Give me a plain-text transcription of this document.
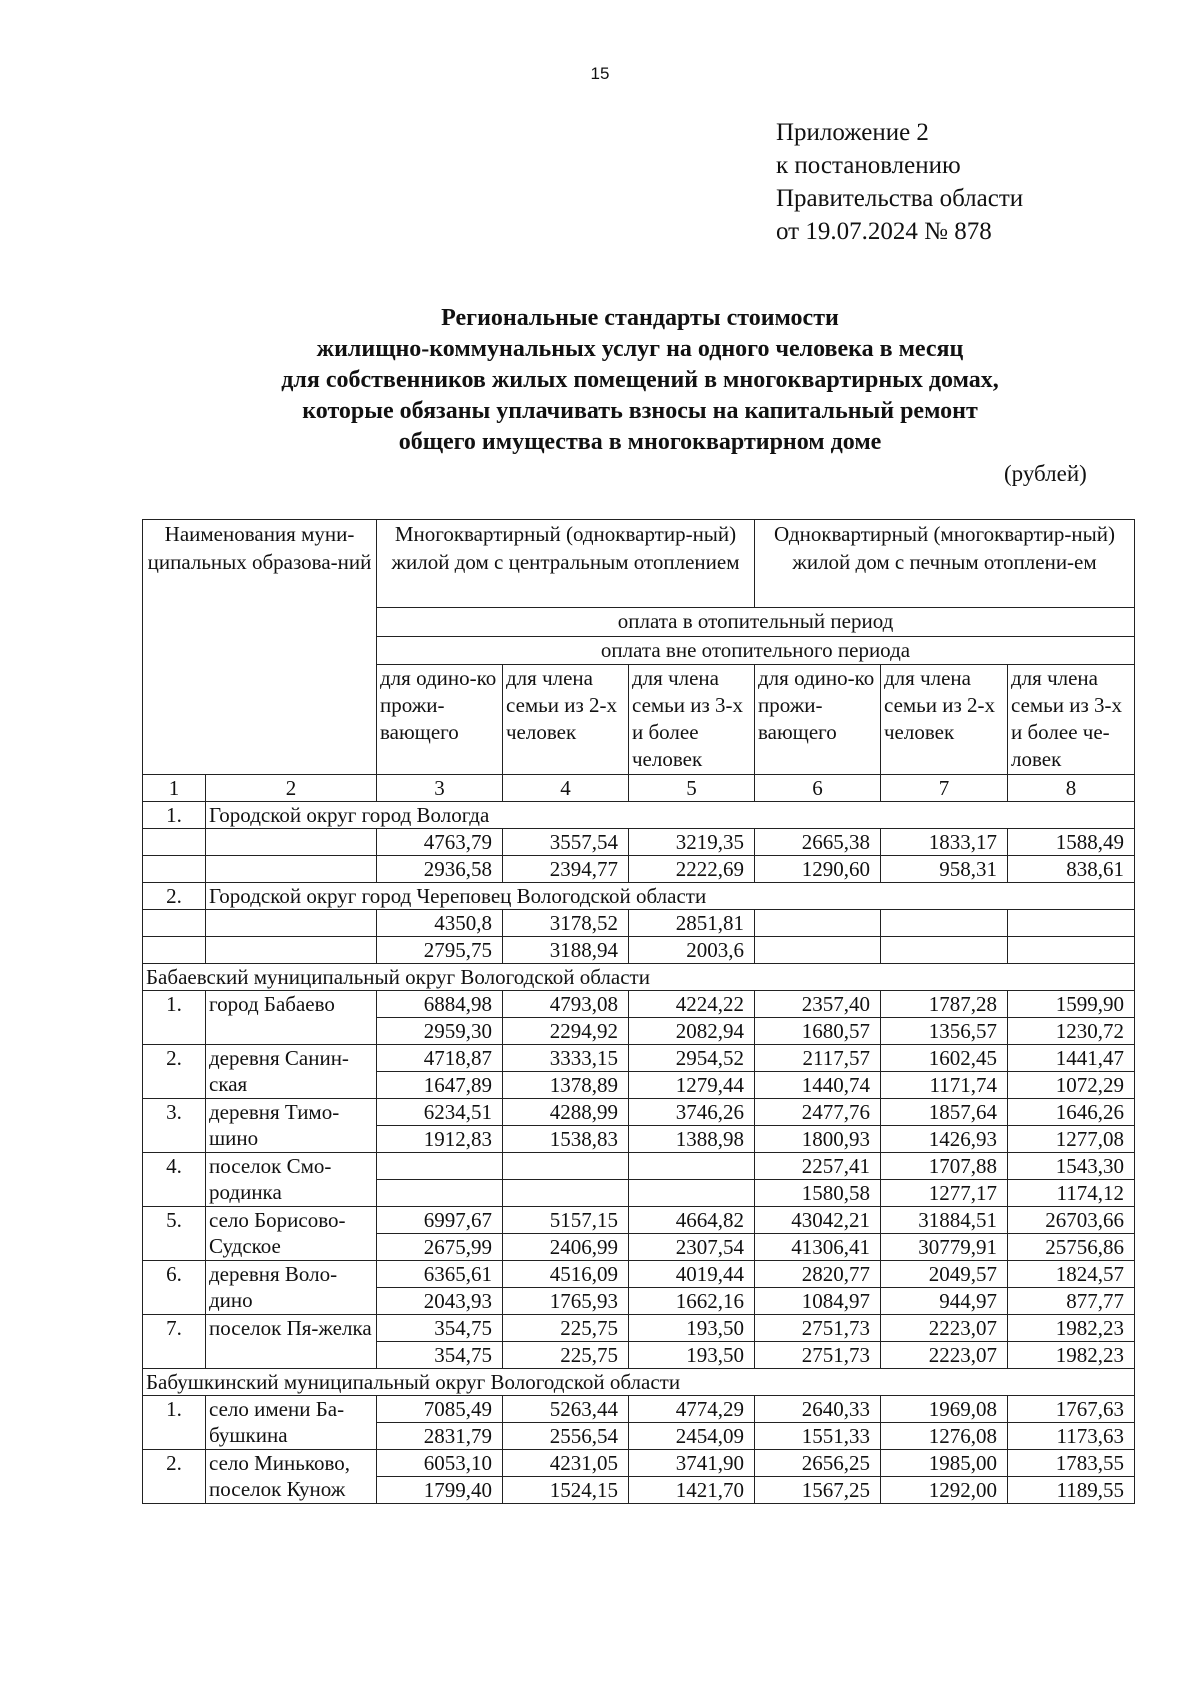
15
Приложение 2
к постановлению
Правительства области
от 19.07.2024 № 878
Региональные стандарты стоимости
жилищно-коммунальных услуг на одного человека в месяц
для собственников жилых помещений в многоквартирных домах,
которые обязаны уплачивать взносы на капитальный ремонт
общего имущества в многоквартирном доме
(рублей)
Наименования муни-ципальных образова-ний		Многоквартирный (одноквартир-ный) жилой дом с центральным отоплением			Одноквартирный (многоквартир-ный) жилой дом с печным отоплени-ем		
		оплата в отопительный период					
		оплата вне отопительного периода					
		для одино-ко прожи-вающего	для члена семьи из 2-х человек	для члена семьи из 3-х и более человек	для одино-ко прожи-вающего	для члена семьи из 2-х человек	для члена семьи из 3-х и более че-ловек
1	2	3	4	5	6	7	8
1.	Городской округ город Вологда						
		4763,79	3557,54	3219,35	2665,38	1833,17	1588,49
		2936,58	2394,77	2222,69	1290,60	958,31	838,61
2.	Городской округ город Череповец Вологодской области						
		4350,8	3178,52	2851,81			
		2795,75	3188,94	2003,6			
Бабаевский муниципальный округ Вологодской области							
1.	город Бабаево	6884,98	4793,08	4224,22	2357,40	1787,28	1599,90
		2959,30	2294,92	2082,94	1680,57	1356,57	1230,72
2.	деревня Санин-ская	4718,87	3333,15	2954,52	2117,57	1602,45	1441,47
		1647,89	1378,89	1279,44	1440,74	1171,74	1072,29
3.	деревня Тимо-шино	6234,51	4288,99	3746,26	2477,76	1857,64	1646,26
		1912,83	1538,83	1388,98	1800,93	1426,93	1277,08
4.	поселок Смо-родинка				2257,41	1707,88	1543,30
					1580,58	1277,17	1174,12
5.	село Борисово-Судское	6997,67	5157,15	4664,82	43042,21	31884,51	26703,66
		2675,99	2406,99	2307,54	41306,41	30779,91	25756,86
6.	деревня Воло-дино	6365,61	4516,09	4019,44	2820,77	2049,57	1824,57
		2043,93	1765,93	1662,16	1084,97	944,97	877,77
7.	поселок Пя-желка	354,75	225,75	193,50	2751,73	2223,07	1982,23
		354,75	225,75	193,50	2751,73	2223,07	1982,23
Бабушкинский муниципальный округ Вологодской области							
1.	село имени Ба-бушкина	7085,49	5263,44	4774,29	2640,33	1969,08	1767,63
		2831,79	2556,54	2454,09	1551,33	1276,08	1173,63
2.	село Миньково, поселок Кунож	6053,10	4231,05	3741,90	2656,25	1985,00	1783,55
		1799,40	1524,15	1421,70	1567,25	1292,00	1189,55
